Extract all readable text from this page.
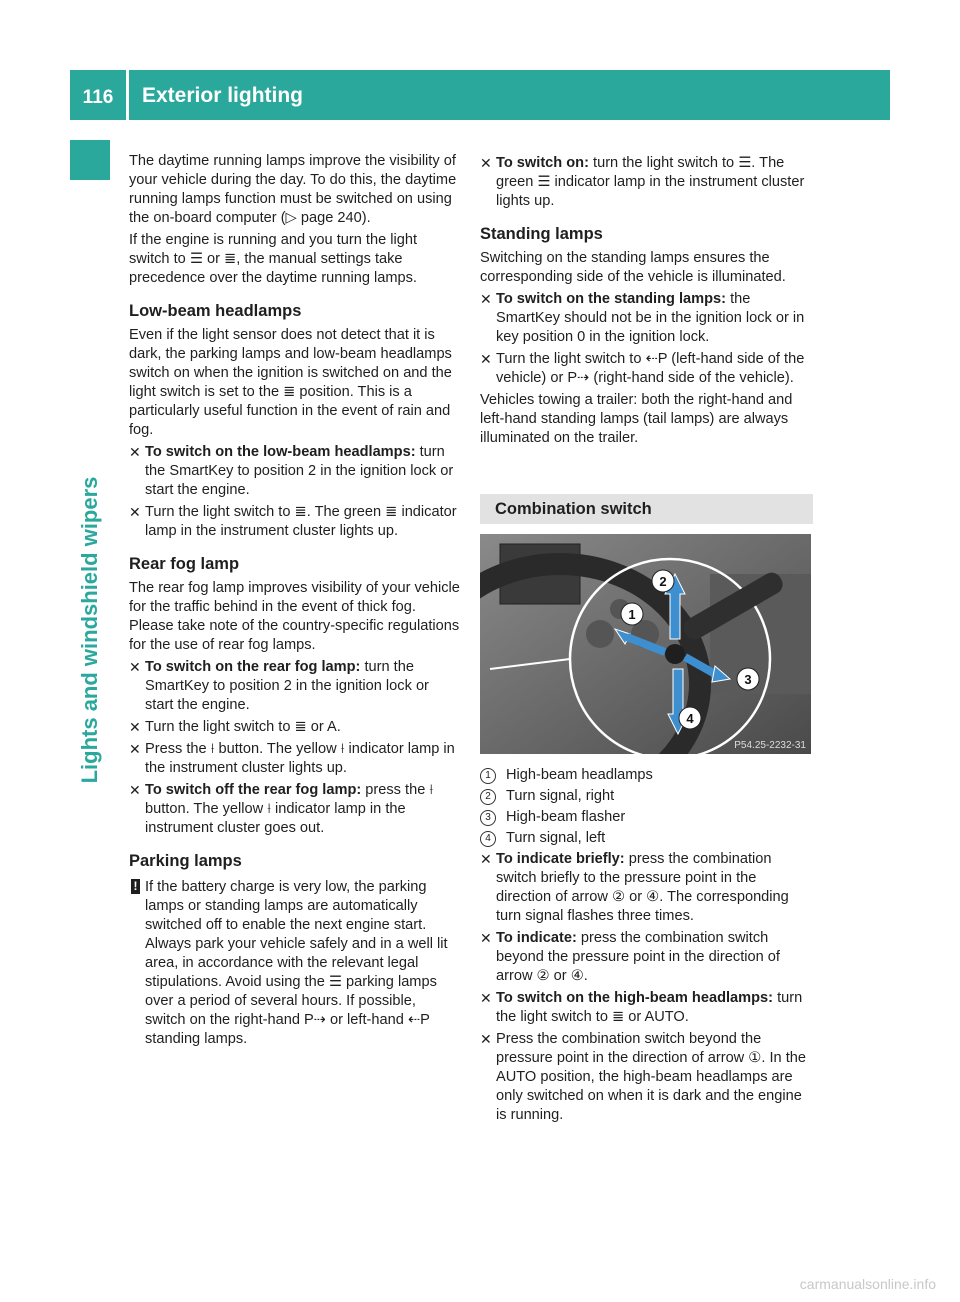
116	Exterior lighting
Lights and windshield wipers

The daytime running lamps improve the visibility of your vehicle during the day. To do this, the daytime running lamps function must be switched on using the on-board computer (▷ page 240).

If the engine is running and you turn the light switch to ☰ or ≣, the manual settings take precedence over the daytime running lamps.

Low-beam headlamps

Even if the light sensor does not detect that it is dark, the parking lamps and low-beam headlamps switch on when the ignition is switched on and the light switch is set to the ≣ position. This is a particularly useful function in the event of rain and fog.

✕ To switch on the low-beam headlamps: turn the SmartKey to position 2 in the ignition lock or start the engine.
✕ Turn the light switch to ≣. The green ≣ indicator lamp in the instrument cluster lights up.
Rear fog lamp

The rear fog lamp improves visibility of your vehicle for the traffic behind in the event of thick fog. Please take note of the country-specific regulations for the use of rear fog lamps.

✕ To switch on the rear fog lamp: turn the SmartKey to position 2 in the ignition lock or start the engine.
✕ Turn the light switch to ≣ or A.
✕ Press the ⟊ button. The yellow ⟊ indicator lamp in the instrument cluster lights up.
✕ To switch off the rear fog lamp: press the ⟊ button. The yellow ⟊ indicator lamp in the instrument cluster goes out.
Parking lamps
! If the battery charge is very low, the parking lamps or standing lamps are automatically switched off to enable the next engine start. Always park your vehicle safely and in a well lit area, in accordance with the relevant legal stipulations. Avoid using the ☰ parking lamps over a period of several hours. If possible, switch on the right-hand P⇢ or left-hand ⇠P standing lamps.
✕ To switch on: turn the light switch to ☰. The green ☰ indicator lamp in the instrument cluster lights up.
Standing lamps

Switching on the standing lamps ensures the corresponding side of the vehicle is illuminated.

✕ To switch on the standing lamps: the SmartKey should not be in the ignition lock or in key position 0 in the ignition lock.
✕ Turn the light switch to ⇠P (left-hand side of the vehicle) or P⇢ (right-hand side of the vehicle).

Vehicles towing a trailer: both the right-hand and left-hand standing lamps (tail lamps) are always illuminated on the trailer.

Combination switch
1
2
3
4
P54.25-2232-31
1	High-beam headlamps
2	Turn signal, right
3	High-beam flasher
4	Turn signal, left
✕ To indicate briefly: press the combination switch briefly to the pressure point in the direction of arrow ② or ④. The corresponding turn signal flashes three times.
✕ To indicate: press the combination switch beyond the pressure point in the direction of arrow ② or ④.
✕ To switch on the high-beam headlamps: turn the light switch to ≣ or AUTO.
✕ Press the combination switch beyond the pressure point in the direction of arrow ①. In the AUTO position, the high-beam headlamps are only switched on when it is dark and the engine is running.
carmanualsonline.info
